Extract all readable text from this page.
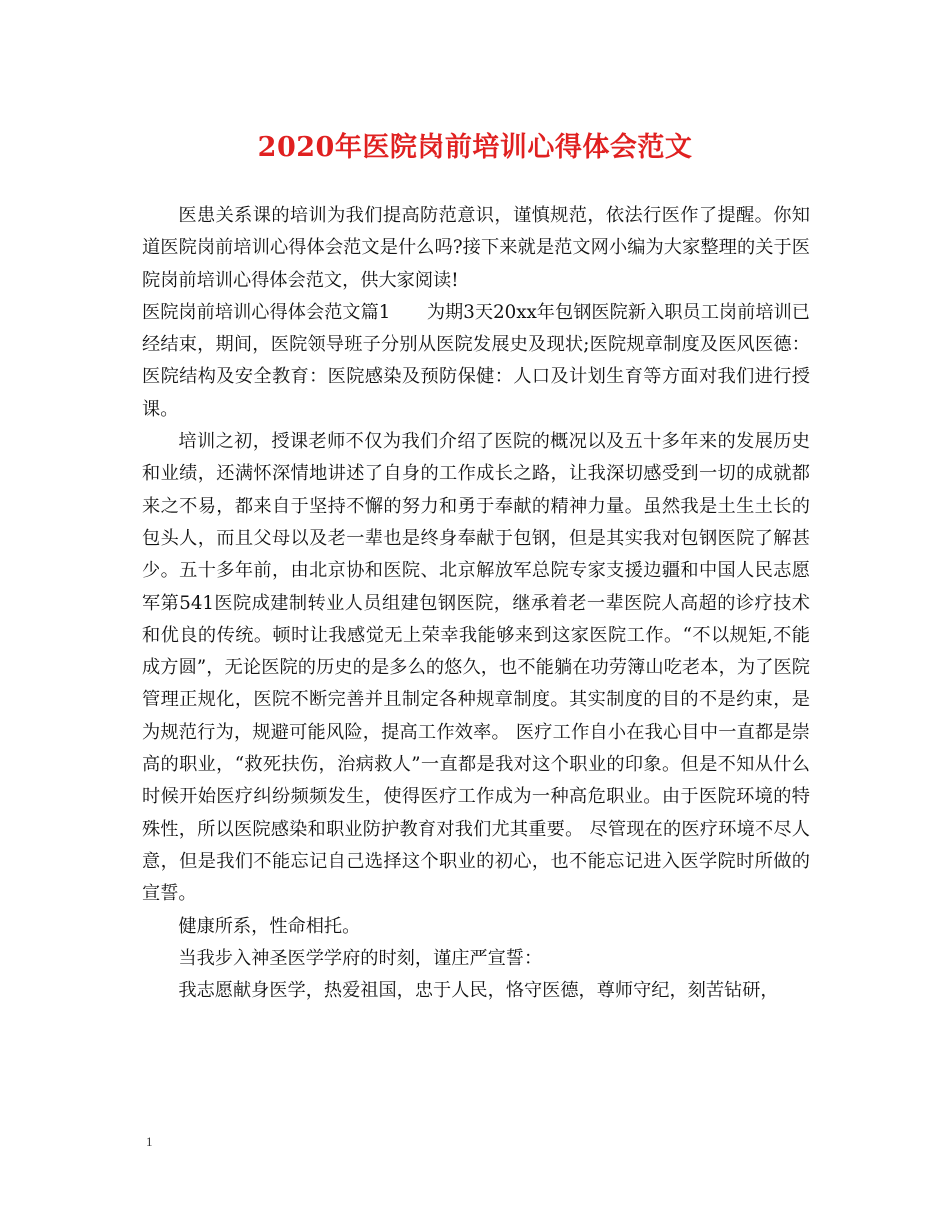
2020年医院岗前培训心得体会范文

医患关系课的培训为我们提高防范意识，谨慎规范，依法行医作了提醒。你知道医院岗前培训心得体会范文是什么吗?接下来就是范文网小编为大家整理的关于医院岗前培训心得体会范文，供大家阅读!

医院岗前培训心得体会范文篇1　　为期3天20xx年包钢医院新入职员工岗前培训已经结束，期间，医院领导班子分别从医院发展史及现状;医院规章制度及医风医德：医院结构及安全教育：医院感染及预防保健：人口及计划生育等方面对我们进行授课。

培训之初，授课老师不仅为我们介绍了医院的概况以及五十多年来的发展历史和业绩，还满怀深情地讲述了自身的工作成长之路，让我深切感受到一切的成就都来之不易，都来自于坚持不懈的努力和勇于奉献的精神力量。虽然我是土生土长的包头人，而且父母以及老一辈也是终身奉献于包钢，但是其实我对包钢医院了解甚少。五十多年前，由北京协和医院、北京解放军总院专家支援边疆和中国人民志愿军第541医院成建制转业人员组建包钢医院，继承着老一辈医院人高超的诊疗技术和优良的传统。顿时让我感觉无上荣幸我能够来到这家医院工作。“不以规矩,不能成方圆”，无论医院的历史的是多么的悠久，也不能躺在功劳簿山吃老本，为了医院管理正规化，医院不断完善并且制定各种规章制度。其实制度的目的不是约束，是为规范行为，规避可能风险，提高工作效率。 医疗工作自小在我心目中一直都是崇高的职业，“救死扶伤，治病救人”一直都是我对这个职业的印象。但是不知从什么时候开始医疗纠纷频频发生，使得医疗工作成为一种高危职业。由于医院环境的特殊性，所以医院感染和职业防护教育对我们尤其重要。 尽管现在的医疗环境不尽人意，但是我们不能忘记自己选择这个职业的初心，也不能忘记进入医学院时所做的宣誓。

健康所系，性命相托。

当我步入神圣医学学府的时刻，谨庄严宣誓：

我志愿献身医学，热爱祖国，忠于人民，恪守医德，尊师守纪，刻苦钻研，

1
